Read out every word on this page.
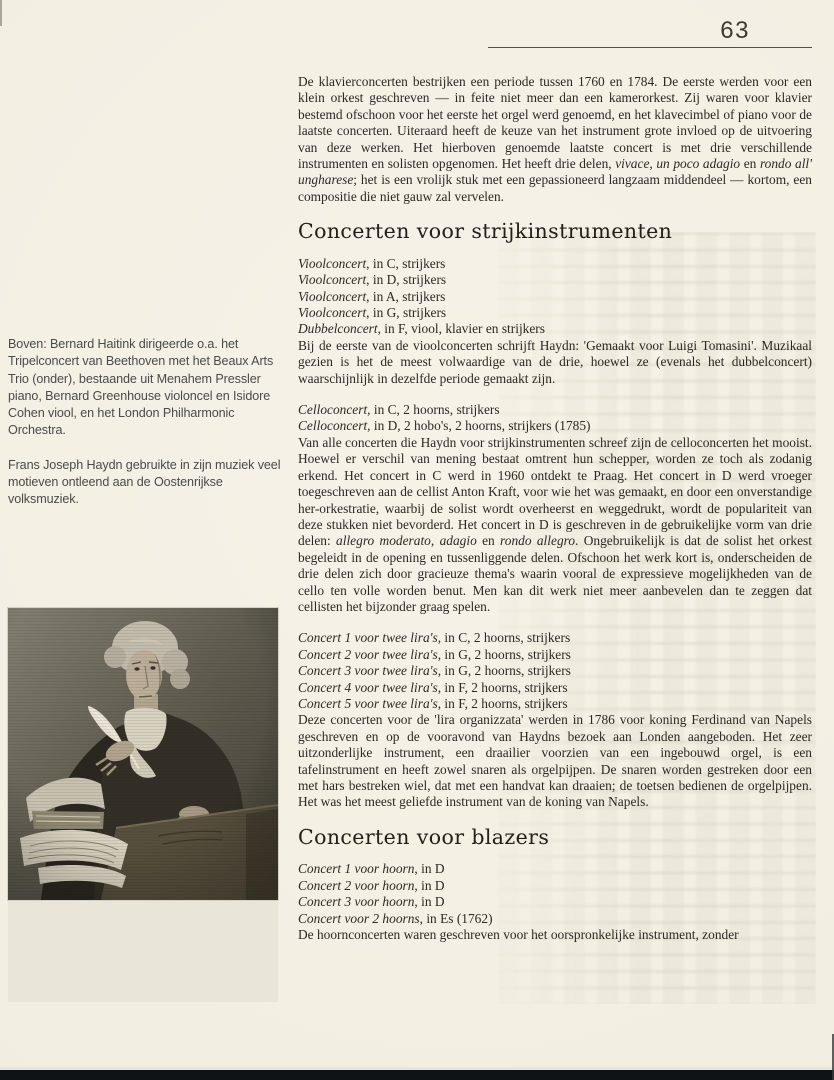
63

Boven: Bernard Haitink dirigeerde o.a. het Tripelconcert van Beethoven met het Beaux Arts Trio (onder), bestaande uit Menahem Pressler piano, Bernard Greenhouse violoncel en Isidore Cohen viool, en het London Philharmonic Orchestra.

Frans Joseph Haydn gebruikte in zijn muziek veel motieven ontleend aan de Oostenrijkse volksmuziek.

De klavierconcerten bestrijken een periode tussen 1760 en 1784. De eerste werden voor een klein orkest geschreven — in feite niet meer dan een kamerorkest. Zij waren voor klavier bestemd ofschoon voor het eerste het orgel werd genoemd, en het klavecimbel of piano voor de laatste concerten. Uiteraard heeft de keuze van het instrument grote invloed op de uitvoering van deze werken. Het hierboven genoemde laatste concert is met drie verschillende instrumenten en solisten opgenomen. Het heeft drie delen, vivace, un poco adagio en rondo all' ungharese; het is een vrolijk stuk met een gepassioneerd langzaam middendeel — kortom, een compositie die niet gauw zal vervelen.

Concerten voor strijkinstrumenten
Vioolconcert, in C, strijkers
Vioolconcert, in D, strijkers
Vioolconcert, in A, strijkers
Vioolconcert, in G, strijkers
Dubbelconcert, in F, viool, klavier en strijkers

Bij de eerste van de vioolconcerten schrijft Haydn: 'Gemaakt voor Luigi Tomasini'. Muzikaal gezien is het de meest volwaardige van de drie, hoewel ze (evenals het dubbelconcert) waarschijnlijk in dezelfde periode gemaakt zijn.

Celloconcert, in C, 2 hoorns, strijkers
Celloconcert, in D, 2 hobo's, 2 hoorns, strijkers (1785)

Van alle concerten die Haydn voor strijkinstrumenten schreef zijn de celloconcerten het mooist. Hoewel er verschil van mening bestaat omtrent hun schepper, worden ze toch als zodanig erkend. Het concert in C werd in 1960 ontdekt te Praag. Het concert in D werd vroeger toegeschreven aan de cellist Anton Kraft, voor wie het was gemaakt, en door een onverstandige her-orkestratie, waarbij de solist wordt overheerst en weggedrukt, wordt de populariteit van deze stukken niet bevorderd. Het concert in D is geschreven in de gebruikelijke vorm van drie delen: allegro moderato, adagio en rondo allegro. Ongebruikelijk is dat de solist het orkest begeleidt in de opening en tussenliggende delen. Ofschoon het werk kort is, onderscheiden de drie delen zich door gracieuze thema's waarin vooral de expressieve mogelijkheden van de cello ten volle worden benut. Men kan dit werk niet meer aanbevelen dan te zeggen dat cellisten het bijzonder graag spelen.

Concert 1 voor twee lira's, in C, 2 hoorns, strijkers
Concert 2 voor twee lira's, in G, 2 hoorns, strijkers
Concert 3 voor twee lira's, in G, 2 hoorns, strijkers
Concert 4 voor twee lira's, in F, 2 hoorns, strijkers
Concert 5 voor twee lira's, in F, 2 hoorns, strijkers

Deze concerten voor de 'lira organizzata' werden in 1786 voor koning Ferdinand van Napels geschreven en op de vooravond van Haydns bezoek aan Londen aangeboden. Het zeer uitzonderlijke instrument, een draailier voorzien van een ingebouwd orgel, is een tafelinstrument en heeft zowel snaren als orgelpijpen. De snaren worden gestreken door een met hars bestreken wiel, dat met een handvat kan draaien; de toetsen bedienen de orgelpijpen. Het was het meest geliefde instrument van de koning van Napels.

Concerten voor blazers
Concert 1 voor hoorn, in D
Concert 2 voor hoorn, in D
Concert 3 voor hoorn, in D
Concert voor 2 hoorns, in Es (1762)

De hoornconcerten waren geschreven voor het oorspronkelijke instrument, zonder
